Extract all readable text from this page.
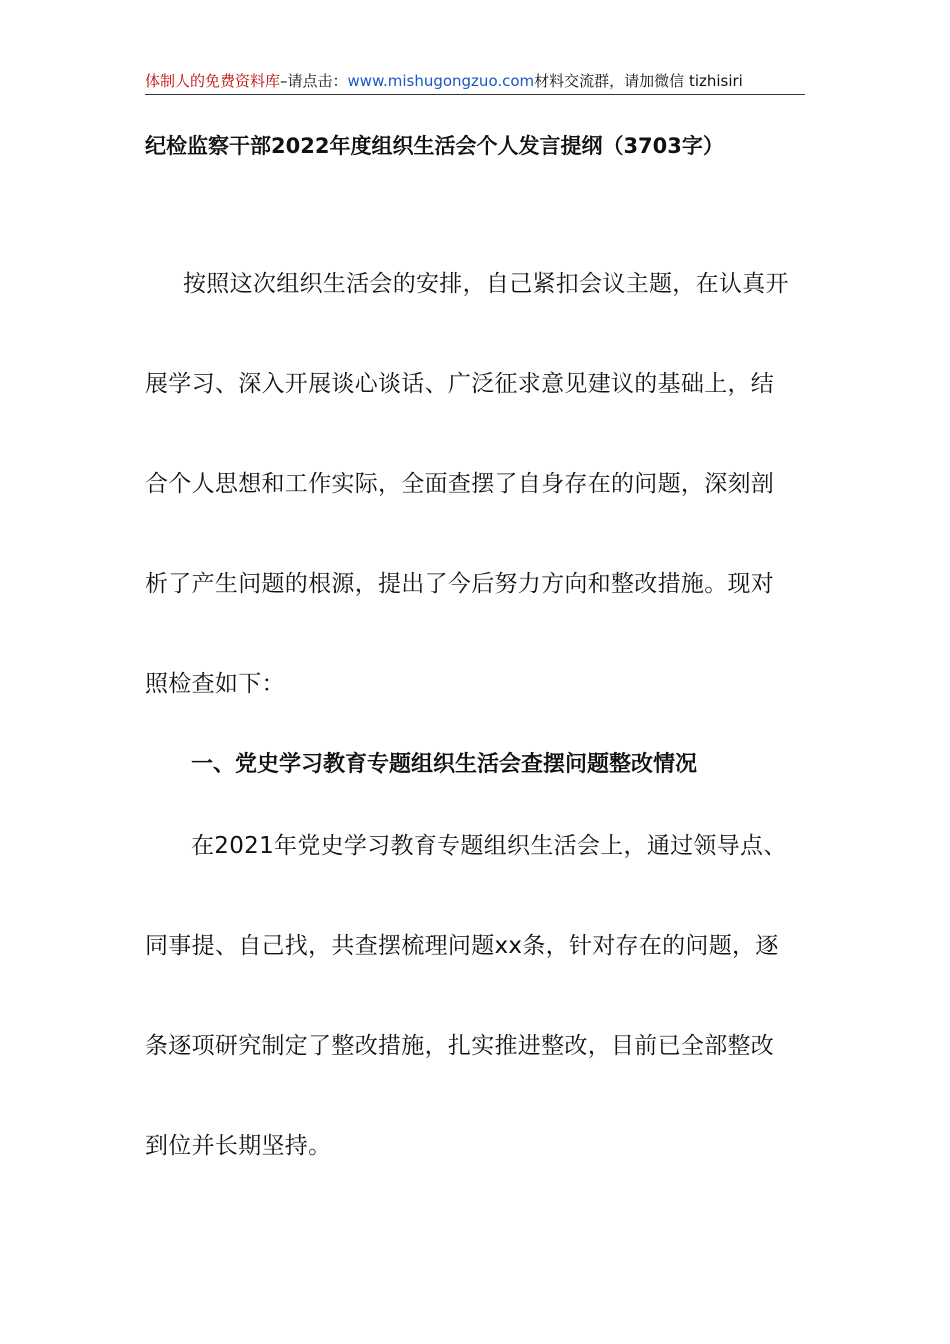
体制人的免费资料库–请点击：www.mishugongzuo.com材料交流群，请加微信 tizhisiri
纪检监察干部2022年度组织生活会个人发言提纲（3703字）

按照这次组织生活会的安排，自己紧扣会议主题，在认真开
展学习、深入开展谈心谈话、广泛征求意见建议的基础上，结
合个人思想和工作实际，全面查摆了自身存在的问题，深刻剖
析了产生问题的根源，提出了今后努力方向和整改措施。现对
照检查如下：

一、党史学习教育专题组织生活会查摆问题整改情况

在2021年党史学习教育专题组织生活会上，通过领导点、
同事提、自己找，共查摆梳理问题xx条，针对存在的问题，逐
条逐项研究制定了整改措施，扎实推进整改，目前已全部整改
到位并长期坚持。
